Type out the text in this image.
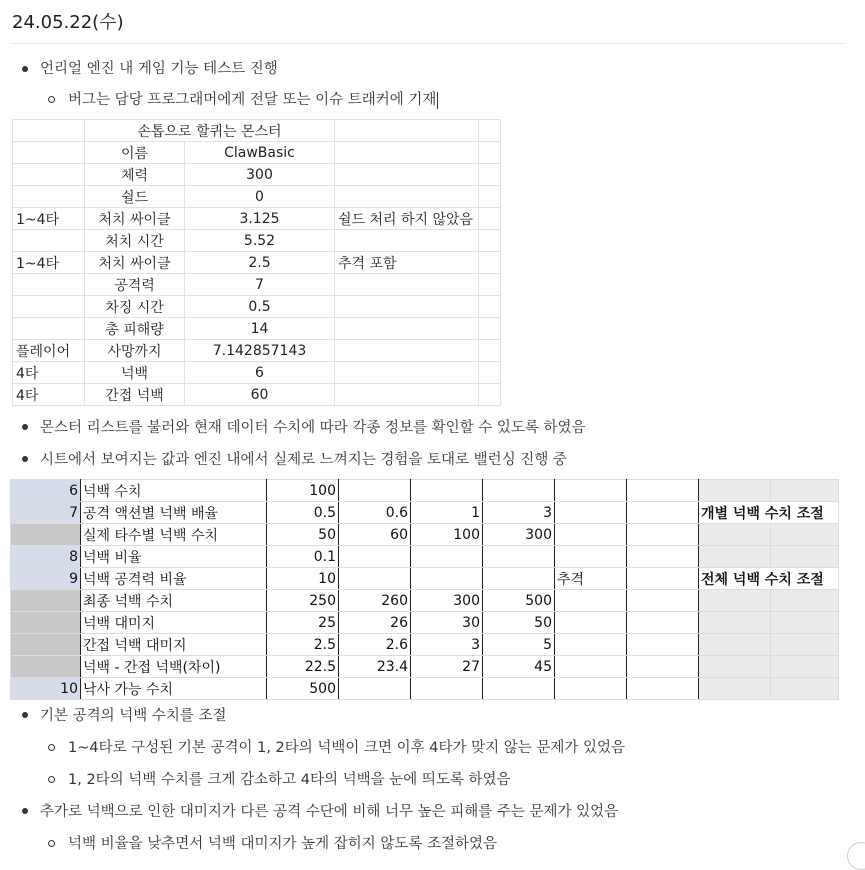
24.05.22(수)
언리얼 엔진 내 게임 기능 테스트 진행
버그는 담당 프로그래머에게 전달 또는 이슈 트래커에 기재
	손톱으로 할퀴는 몬스터			
	이름	ClawBasic		
	체력	300		
	쉴드	0		
1~4타	처치 싸이클	3.125	쉴드 처리 하지 않았음	
	처치 시간	5.52		
1~4타	처치 싸이클	2.5	추격 포함	
	공격력	7		
	차징 시간	0.5		
	총 피해량	14		
플레이어	사망까지	7.142857143		
4타	넉백	6		
4타	간접 넉백	60		
몬스터 리스트를 불러와 현재 데이터 수치에 따라 각종 정보를 확인할 수 있도록 하였음
시트에서 보여지는 값과 엔진 내에서 실제로 느껴지는 경험을 토대로 밸런싱 진행 중
6	넉백 수치	100							
7	공격 액션별 넉백 배율	0.5	0.6	1	3			개별 넉백 수치 조절	
	실제 타수별 넉백 수치	50	60	100	300				
8	넉백 비율	0.1							
9	넉백 공격력 비율	10				추격		전체 넉백 수치 조절	
	최종 넉백 수치	250	260	300	500				
	넉백 대미지	25	26	30	50				
	간접 넉백 대미지	2.5	2.6	3	5				
	넉백 - 간접 넉백(차이)	22.5	23.4	27	45				
10	낙사 가능 수치	500							
기본 공격의 넉백 수치를 조절
1~4타로 구성된 기본 공격이 1, 2타의 넉백이 크면 이후 4타가 맞지 않는 문제가 있었음
1, 2타의 넉백 수치를 크게 감소하고 4타의 넉백을 눈에 띄도록 하였음
추가로 넉백으로 인한 대미지가 다른 공격 수단에 비해 너무 높은 피해를 주는 문제가 있었음
넉백 비율을 낮추면서 넉백 대미지가 높게 잡히지 않도록 조절하였음
